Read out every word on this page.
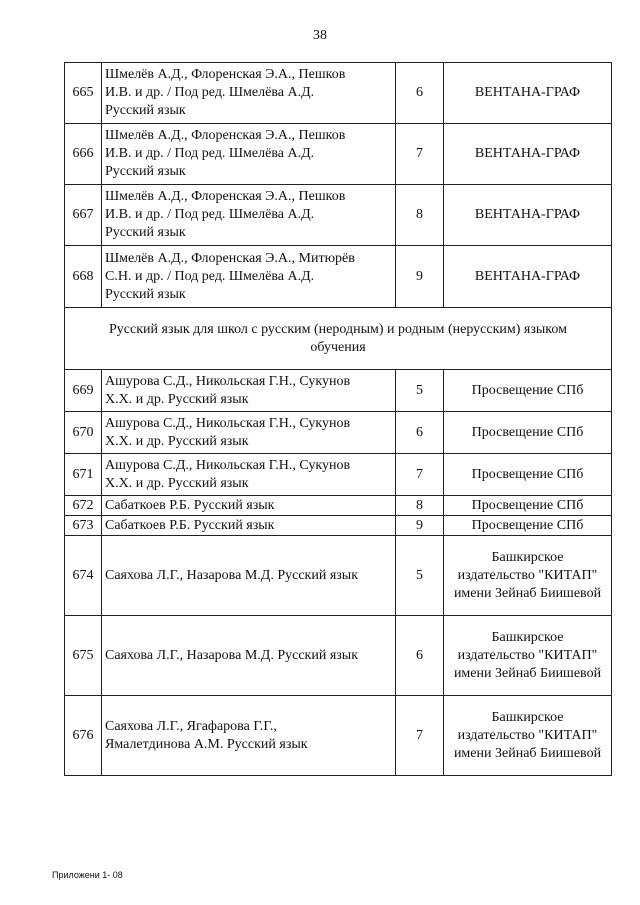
38
665	Шмелёв А.Д., Флоренская Э.А., Пешков
И.В. и др. / Под ред. Шмелёва А.Д.
Русский язык	6	ВЕНТАНА-ГРАФ

666	Шмелёв А.Д., Флоренская Э.А., Пешков
И.В. и др. / Под ред. Шмелёва А.Д.
Русский язык	7	ВЕНТАНА-ГРАФ

667	Шмелёв А.Д., Флоренская Э.А., Пешков
И.В. и др. / Под ред. Шмелёва А.Д.
Русский язык	8	ВЕНТАНА-ГРАФ

668	Шмелёв А.Д., Флоренская Э.А., Митюрёв
С.Н. и др. / Под ред. Шмелёва А.Д.
Русский язык	9	ВЕНТАНА-ГРАФ

Русский язык для школ с русским (неродным) и родным (нерусским) языком обучения			
669	Ашурова С.Д., Никольская Г.Н., Сукунов
Х.Х. и др. Русский язык	5	Просвещение СПб

670	Ашурова С.Д., Никольская Г.Н., Сукунов
Х.Х. и др. Русский язык	6	Просвещение СПб

671	Ашурова С.Д., Никольская Г.Н., Сукунов
Х.Х. и др. Русский язык	7	Просвещение СПб

672	Сабаткоев Р.Б. Русский язык	8	Просвещение СПб

673	Сабаткоев Р.Б. Русский язык	9	Просвещение СПб

674	Саяхова Л.Г., Назарова М.Д. Русский язык	5	Башкирское
издательство "КИТАП"
имени Зейнаб Биишевой

675	Саяхова Л.Г., Назарова М.Д. Русский язык	6	Башкирское
издательство "КИТАП"
имени Зейнаб Биишевой

676	Саяхова Л.Г., Ягафарова Г.Г.,
Ямалетдинова А.М. Русский язык	7	Башкирское
издательство "КИТАП"
имени Зейнаб Биишевой
Приложени 1- 08
